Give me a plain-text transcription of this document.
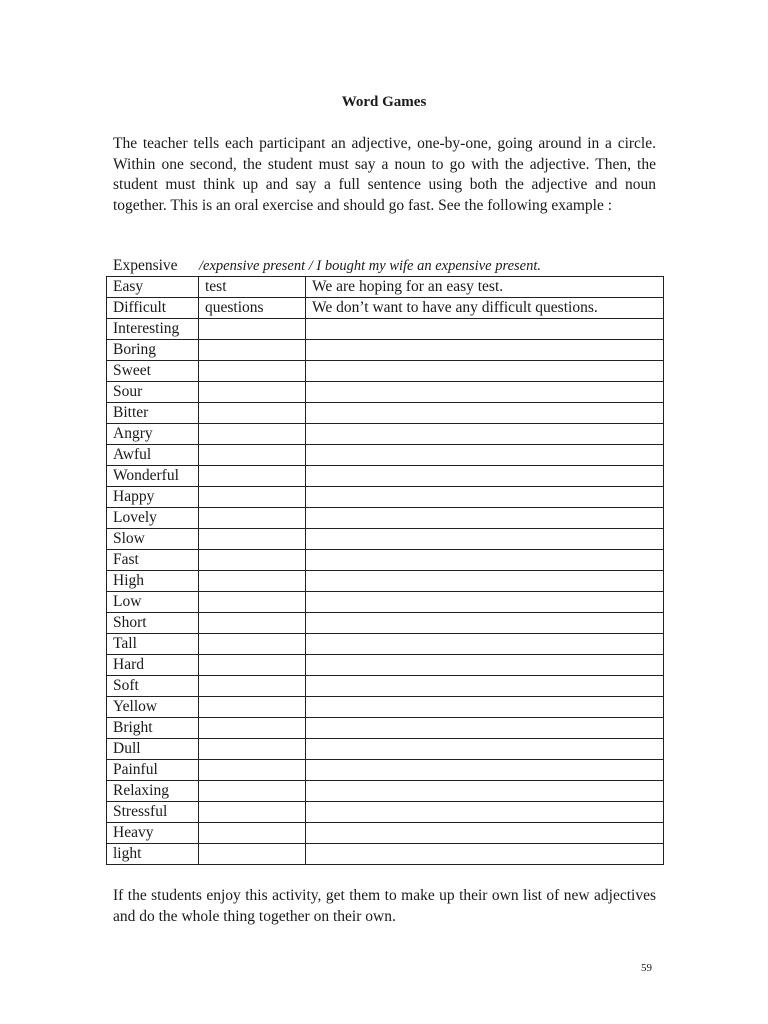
Word Games

The teacher tells each participant an adjective, one-by-one, going around in a circle. Within one second, the student must say a noun to go with the adjective. Then, the student must think up and say a full sentence using both the adjective and noun together. This is an oral exercise and should go fast. See the following example :

Expensive /expensive present / I bought my wife an expensive present.
Easy	test	We are hoping for an easy test.
Difficult	questions	We don’t want to have any difficult questions.
Interesting		
Boring		
Sweet		
Sour		
Bitter		
Angry		
Awful		
Wonderful		
Happy		
Lovely		
Slow		
Fast		
High		
Low		
Short		
Tall		
Hard		
Soft		
Yellow		
Bright		
Dull		
Painful		
Relaxing		
Stressful		
Heavy		
light		

If the students enjoy this activity, get them to make up their own list of new adjectives and do the whole thing together on their own.

59
